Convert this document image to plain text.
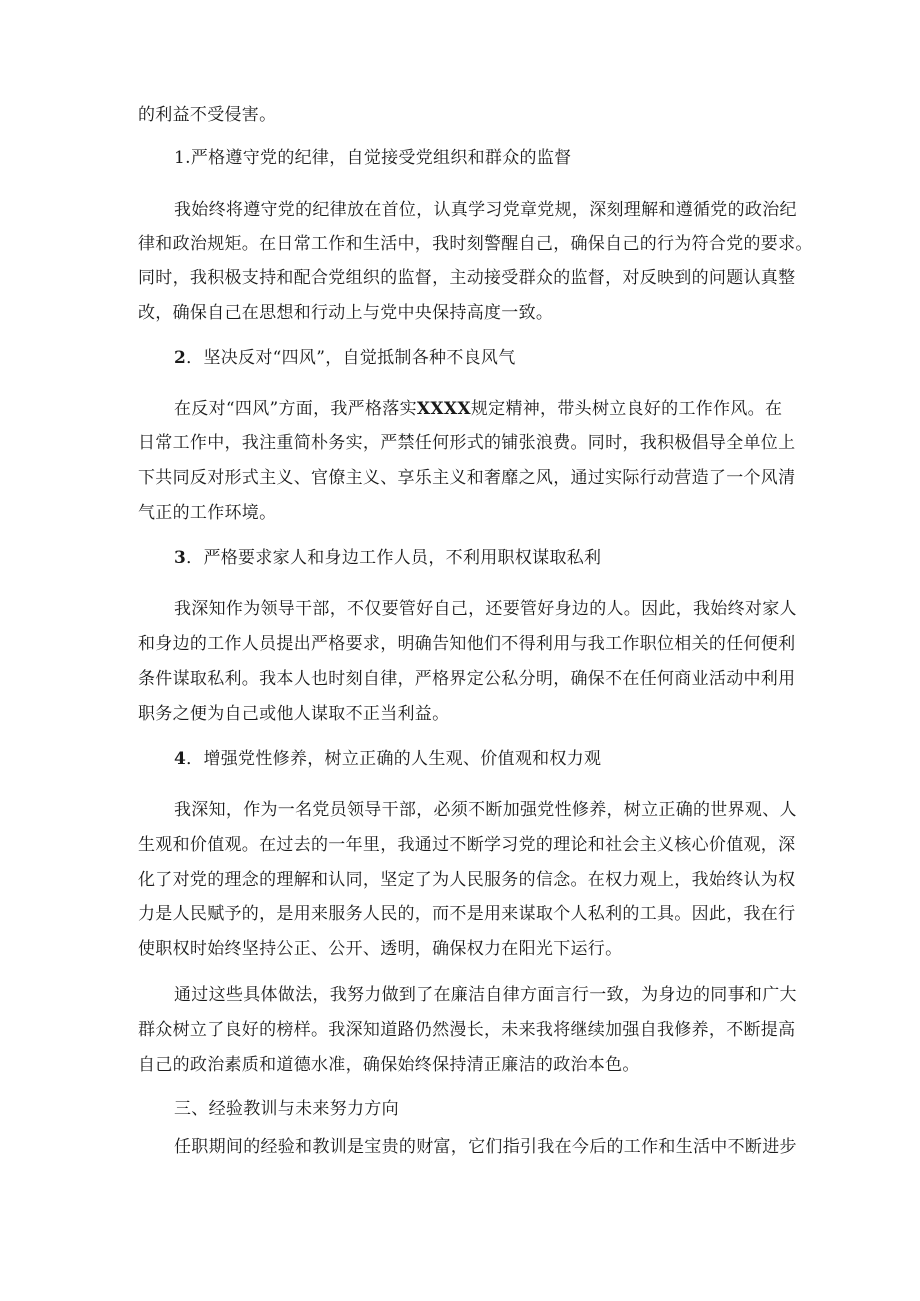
的利益不受侵害。
1.严格遵守党的纪律，自觉接受党组织和群众的监督
我始终将遵守党的纪律放在首位，认真学习党章党规，深刻理解和遵循党的政治纪
律和政治规矩。在日常工作和生活中，我时刻警醒自己，确保自己的行为符合党的要求。
同时，我积极支持和配合党组织的监督，主动接受群众的监督，对反映到的问题认真整
改，确保自己在思想和行动上与党中央保持高度一致。
2．坚决反对“四风”，自觉抵制各种不良风气
在反对“四风”方面，我严格落实XXXX规定精神，带头树立良好的工作作风。在
日常工作中，我注重简朴务实，严禁任何形式的铺张浪费。同时，我积极倡导全单位上
下共同反对形式主义、官僚主义、享乐主义和奢靡之风，通过实际行动营造了一个风清
气正的工作环境。
3．严格要求家人和身边工作人员，不利用职权谋取私利
我深知作为领导干部，不仅要管好自己，还要管好身边的人。因此，我始终对家人
和身边的工作人员提出严格要求，明确告知他们不得利用与我工作职位相关的任何便利
条件谋取私利。我本人也时刻自律，严格界定公私分明，确保不在任何商业活动中利用
职务之便为自己或他人谋取不正当利益。
4．增强党性修养，树立正确的人生观、价值观和权力观
我深知，作为一名党员领导干部，必须不断加强党性修养，树立正确的世界观、人
生观和价值观。在过去的一年里，我通过不断学习党的理论和社会主义核心价值观，深
化了对党的理念的理解和认同，坚定了为人民服务的信念。在权力观上，我始终认为权
力是人民赋予的，是用来服务人民的，而不是用来谋取个人私利的工具。因此，我在行
使职权时始终坚持公正、公开、透明，确保权力在阳光下运行。
通过这些具体做法，我努力做到了在廉洁自律方面言行一致，为身边的同事和广大
群众树立了良好的榜样。我深知道路仍然漫长，未来我将继续加强自我修养，不断提高
自己的政治素质和道德水准，确保始终保持清正廉洁的政治本色。
三、经验教训与未来努力方向
任职期间的经验和教训是宝贵的财富，它们指引我在今后的工作和生活中不断进步
